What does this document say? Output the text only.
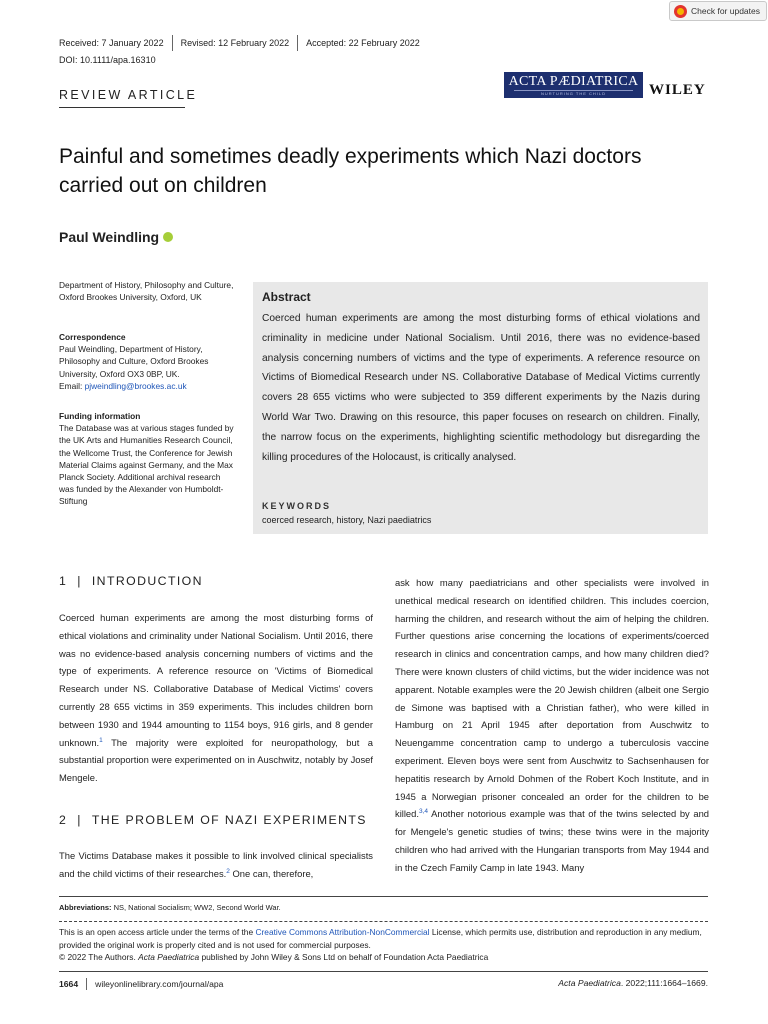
Check for updates
Received: 7 January 2022 Revised: 12 February 2022 Accepted: 22 February 2022
DOI: 10.1111/apa.16310
REVIEW ARTICLE
ACTA PÆDIATRICA
NURTURING THE CHILD	WILEY
Painful and sometimes deadly experiments which Nazi doctors
carried out on children
Paul Weindling
Department of History, Philosophy and Culture, Oxford Brookes University, Oxford, UK
Correspondence
Paul Weindling, Department of History, Philosophy and Culture, Oxford Brookes University, Oxford OX3 0BP, UK.
Email: pjweindling@brookes.ac.uk
Funding information
The Database was at various stages funded by the UK Arts and Humanities Research Council, the Wellcome Trust, the Conference for Jewish Material Claims against Germany, and the Max Planck Society. Additional archival research was funded by the Alexander von Humboldt-Stiftung
Abstract
Coerced human experiments are among the most disturbing forms of ethical violations and criminality in medicine under National Socialism. Until 2016, there was no evidence-based analysis concerning numbers of victims and the type of experiments. A reference resource on Victims of Biomedical Research under NS. Collaborative Database of Medical Victims currently covers 28 655 victims who were subjected to 359 different experiments by the Nazis during World War Two. Drawing on this resource, this paper focuses on research on children. Finally, the narrow focus on the experiments, highlighting scientific methodology but disregarding the killing procedures of the Holocaust, is critically analysed.
KEYWORDS
coerced research, history, Nazi paediatrics
1 | INTRODUCTION
Coerced human experiments are among the most disturbing forms of ethical violations and criminality under National Socialism. Until 2016, there was no evidence-based analysis concerning numbers of victims and the type of experiments. A reference resource on 'Victims of Biomedical Research under NS. Collaborative Database of Medical Victims' covers currently 28 655 victims in 359 experiments. This includes children born between 1930 and 1944 amounting to 1154 boys, 916 girls, and 8 gender unknown.$^1$ The majority were exploited for neuropathology, but a substantial proportion were experimented on in Auschwitz, notably by Josef Mengele.
2 | THE PROBLEM OF NAZI EXPERIMENTS
The Victims Database makes it possible to link involved clinical specialists and the child victims of their researches.$^2$ One can, therefore,
ask how many paediatricians and other specialists were involved in unethical medical research on identified children. This includes coercion, harming the children, and research without the aim of helping the children. Further questions arise concerning the locations of experiments/coerced research in clinics and concentration camps, and how many children died? There were known clusters of child victims, but the wider incidence was not apparent. Notable examples were the 20 Jewish children (albeit one Sergio de Simone was baptised with a Christian father), who were killed in Hamburg on 21 April 1945 after deportation from Auschwitz to Neuengamme concentration camp to undergo a tuberculosis vaccine experiment. Eleven boys were sent from Auschwitz to Sachsenhausen for hepatitis research by Arnold Dohmen of the Robert Koch Institute, and in 1945 a Norwegian prisoner concealed an order for the children to be killed.$^{3,4}$ Another notorious example was that of the twins selected by and for Mengele's genetic studies of twins; these twins were in the majority children who had arrived with the Hungarian transports from May 1944 and in the Czech Family Camp in late 1943. Many
Abbreviations: NS, National Socialism; WW2, Second World War.
This is an open access article under the terms of the Creative Commons Attribution-NonCommercial License, which permits use, distribution and reproduction in any medium, provided the original work is properly cited and is not used for commercial purposes.
© 2022 The Authors. Acta Paediatrica published by John Wiley & Sons Ltd on behalf of Foundation Acta Paediatrica
1664 wileyonlinelibrary.com/journal/apa	Acta Paediatrica. 2022;111:1664–1669.
